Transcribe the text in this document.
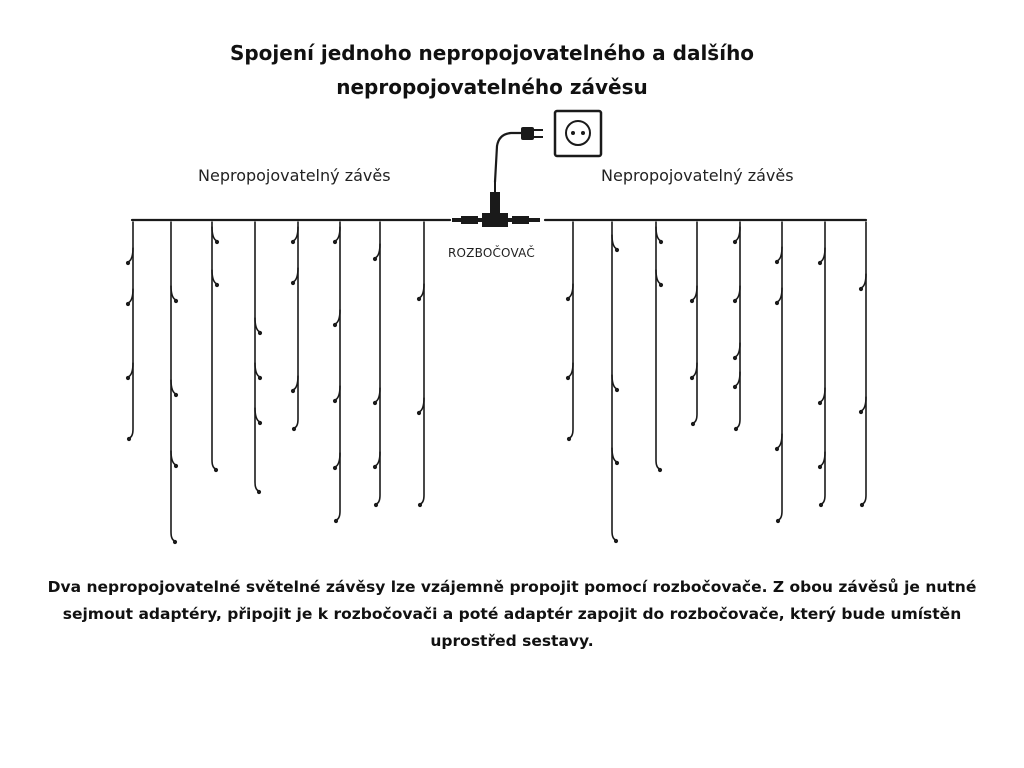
Spojení jednoho nepropojovatelného a dalšího nepropojovatelného závěsu
Nepropojovatelný závěs	Nepropojovatelný závěs
ROZBOČOVAČ

Dva nepropojovatelné světelné závěsy lze vzájemně propojit pomocí rozbočovače. Z obou závěsů je nutné sejmout adaptéry, připojit je k rozbočovači a poté adaptér zapojit do rozbočovače, který bude umístěn uprostřed sestavy.
